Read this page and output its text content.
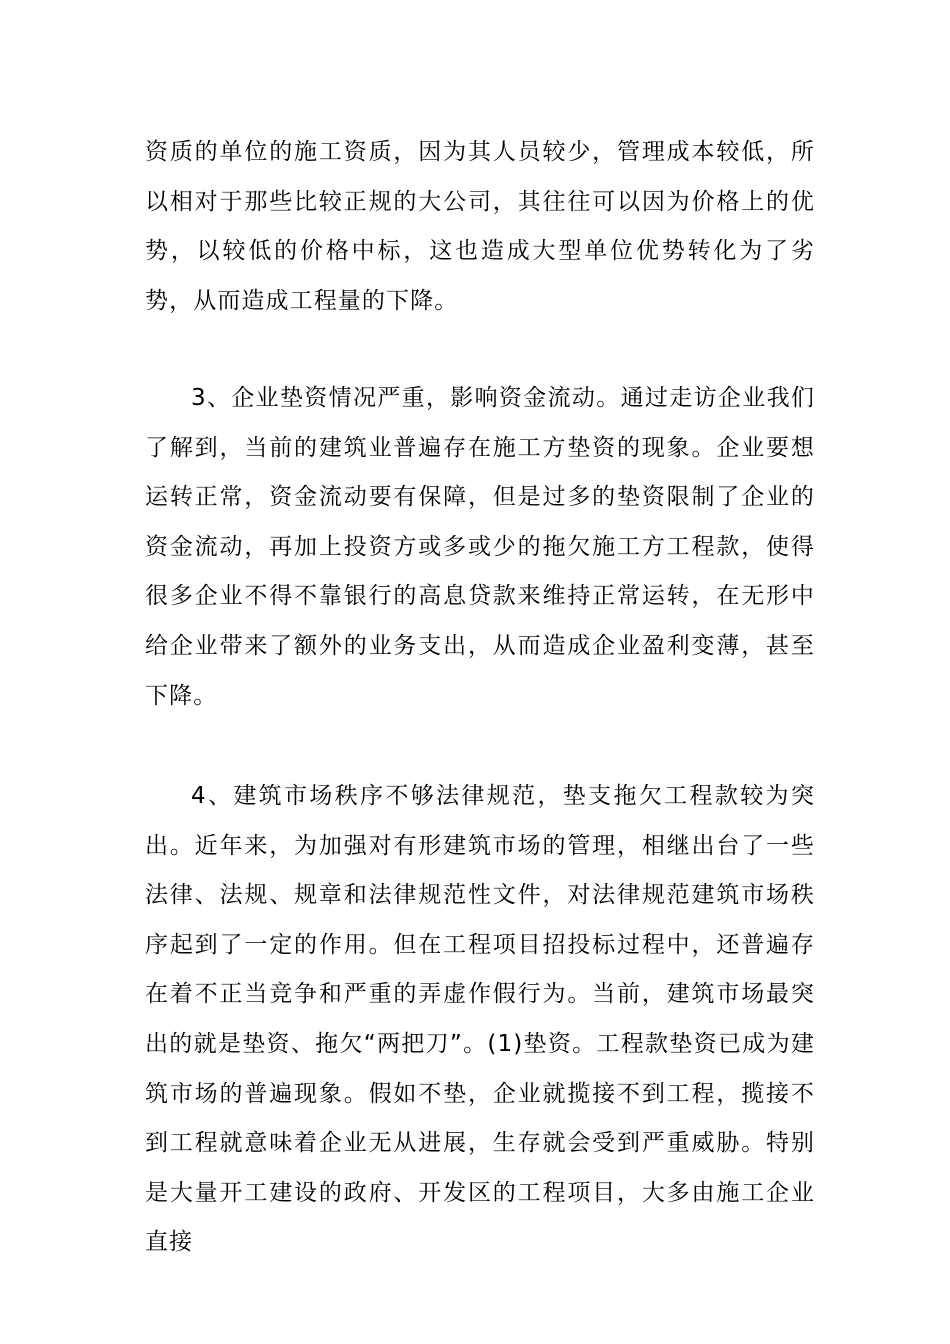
资质的单位的施工资质，因为其人员较少，管理成本较低，所以相对于那些比较正规的大公司，其往往可以因为价格上的优势，以较低的价格中标，这也造成大型单位优势转化为了劣势，从而造成工程量的下降。

3、企业垫资情况严重，影响资金流动。通过走访企业我们了解到，当前的建筑业普遍存在施工方垫资的现象。企业要想运转正常，资金流动要有保障，但是过多的垫资限制了企业的资金流动，再加上投资方或多或少的拖欠施工方工程款，使得很多企业不得不靠银行的高息贷款来维持正常运转，在无形中给企业带来了额外的业务支出，从而造成企业盈利变薄，甚至下降。

4、建筑市场秩序不够法律规范，垫支拖欠工程款较为突出。近年来，为加强对有形建筑市场的管理，相继出台了一些法律、法规、规章和法律规范性文件，对法律规范建筑市场秩序起到了一定的作用。但在工程项目招投标过程中，还普遍存在着不正当竞争和严重的弄虚作假行为。当前，建筑市场最突出的就是垫资、拖欠“两把刀”。(1)垫资。工程款垫资已成为建筑市场的普遍现象。假如不垫，企业就揽接不到工程，揽接不到工程就意味着企业无从进展，生存就会受到严重威胁。特别是大量开工建设的政府、开发区的工程项目，大多由施工企业直接
